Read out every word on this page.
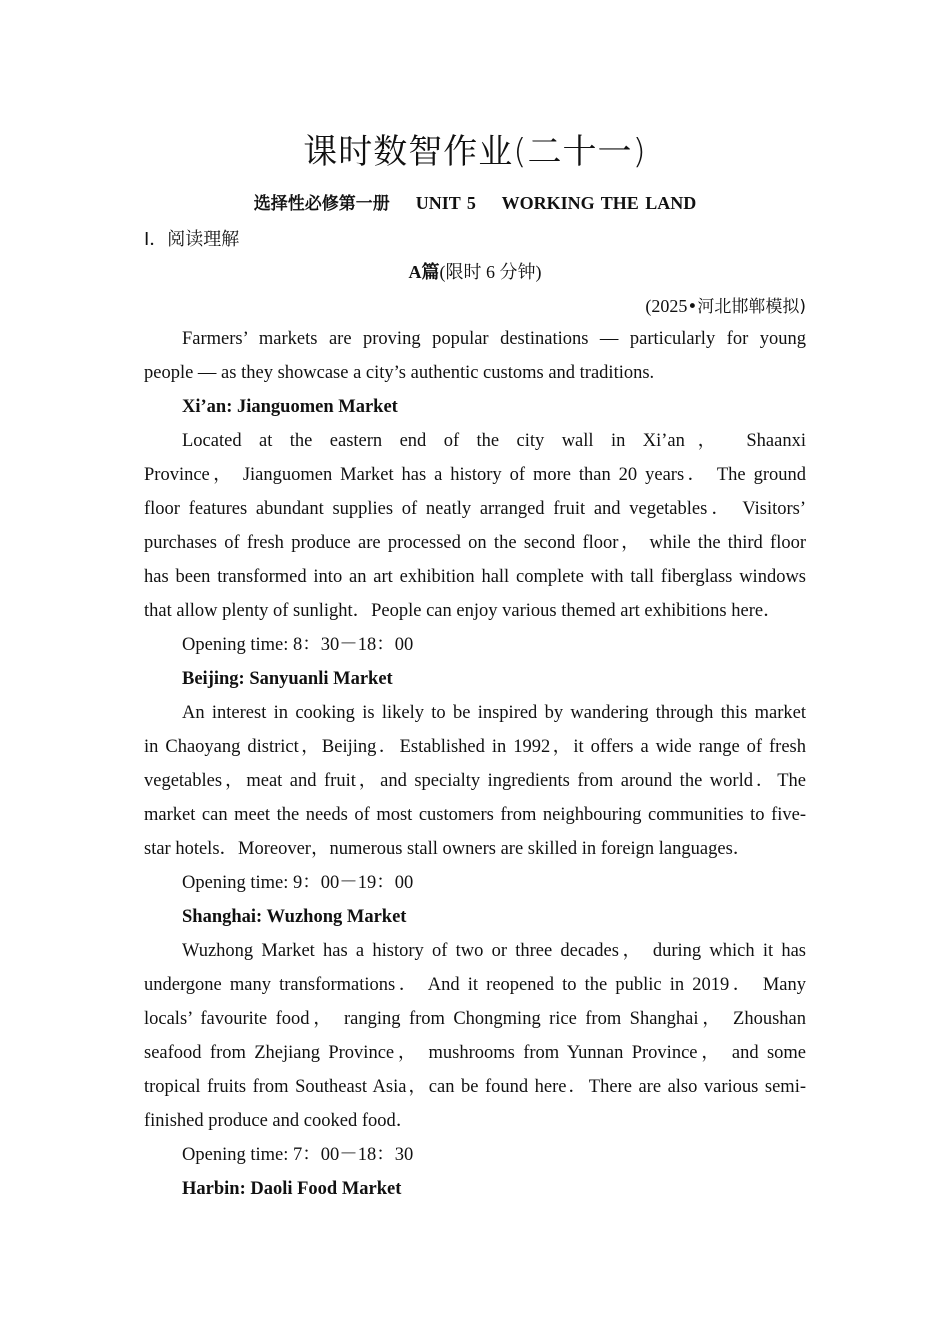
课时数智作业(二十一)
选择性必修第一册 UNIT 5 WORKING THE LAND
Ⅰ．阅读理解
A篇(限时 6 分钟)
(2025•河北邯郸模拟)
Farmers’ markets are proving popular destinations — particularly for young
people — as they showcase a city’s authentic customs and traditions.
Xi’an: Jianguomen Market
Located at the eastern end of the city wall in Xi’an， Shaanxi
Province， Jianguomen Market has a history of more than 20 years． The ground
floor features abundant supplies of neatly arranged fruit and vegetables． Visitors’
purchases of fresh produce are processed on the second floor， while the third floor
has been transformed into an art exhibition hall complete with tall fiberglass windows
that allow plenty of sunlight．People can enjoy various themed art exhibitions here．
Opening time: 8：30－18：00
Beijing: Sanyuanli Market
An interest in cooking is likely to be inspired by wandering through this market
in Chaoyang district，Beijing．Established in 1992，it offers a wide range of fresh
vegetables，meat and fruit，and specialty ingredients from around the world．The
market can meet the needs of most customers from neighbouring communities to five-
star hotels．Moreover，numerous stall owners are skilled in foreign languages．
Opening time: 9：00－19：00
Shanghai: Wuzhong Market
Wuzhong Market has a history of two or three decades， during which it has
undergone many transformations． And it reopened to the public in 2019． Many
locals’ favourite food， ranging from Chongming rice from Shanghai， Zhoushan
seafood from Zhejiang Province， mushrooms from Yunnan Province， and some
tropical fruits from Southeast Asia，can be found here．There are also various semi-
finished produce and cooked food．
Opening time: 7：00－18：30
Harbin: Daoli Food Market
